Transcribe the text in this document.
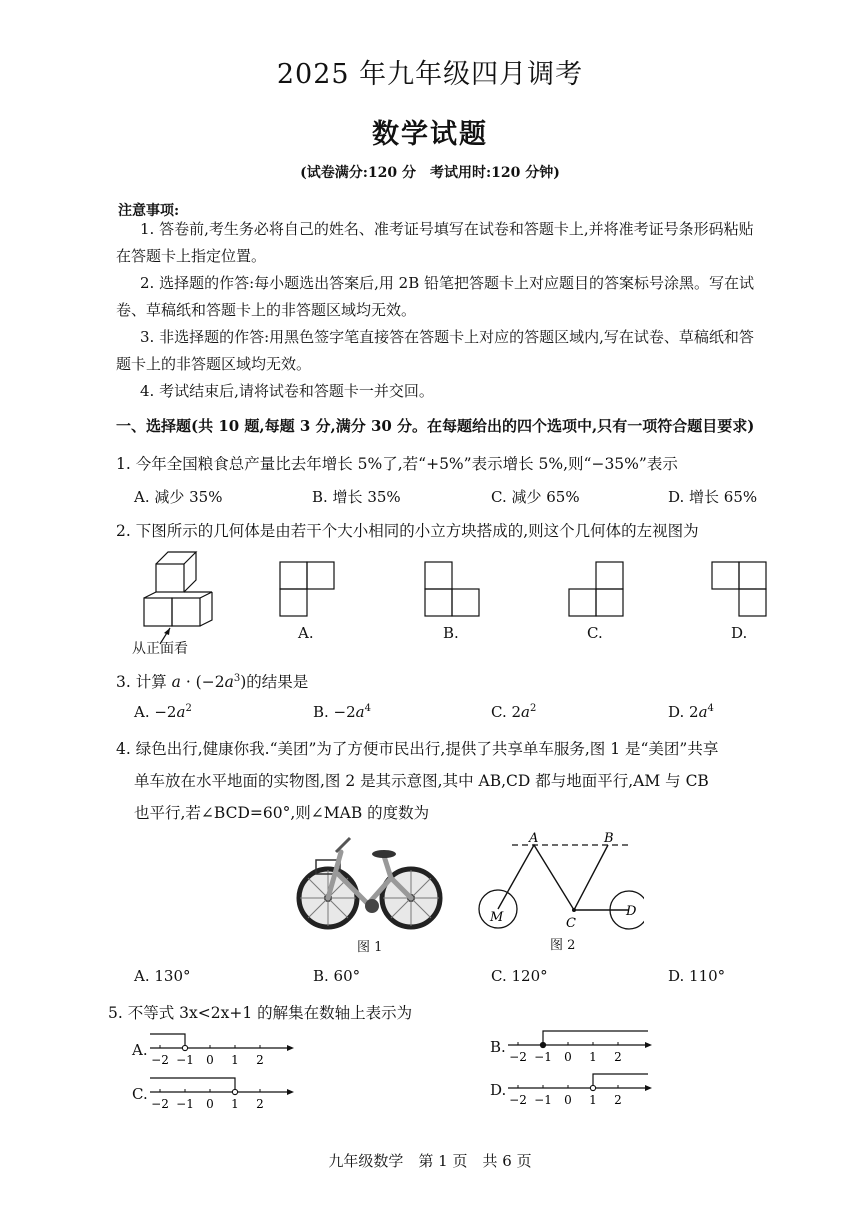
2025 年九年级四月调考
数学试题
(试卷满分:120 分　考试用时:120 分钟)
注意事项:
1. 答卷前,考生务必将自己的姓名、准考证号填写在试卷和答题卡上,并将准考证号条形码粘贴
在答题卡上指定位置。
2. 选择题的作答:每小题选出答案后,用 2B 铅笔把答题卡上对应题目的答案标号涂黑。写在试
卷、草稿纸和答题卡上的非答题区域均无效。
3. 非选择题的作答:用黑色签字笔直接答在答题卡上对应的答题区域内,写在试卷、草稿纸和答
题卡上的非答题区域均无效。
4. 考试结束后,请将试卷和答题卡一并交回。
一、选择题(共 10 题,每题 3 分,满分 30 分。在每题给出的四个选项中,只有一项符合题目要求)
1. 今年全国粮食总产量比去年增长 5%了,若“+5%”表示增长 5%,则“−35%”表示
A. 减少 35%	B. 增长 35%	C. 减少 65%	D. 增长 65%
2. 下图所示的几何体是由若干个大小相同的小立方块搭成的,则这个几何体的左视图为
从正面看
A.	B.	C.	D.
3. 计算 $a \cdot (-2a^3)$的结果是
A. $-2a^2$	B. $-2a^4$	C. $2a^2$	D. $2a^4$
4. 绿色出行,健康你我.“美团”为了方便市民出行,提供了共享单车服务,图 1 是“美团”共享
单车放在水平地面的实物图,图 2 是其示意图,其中 AB,CD 都与地面平行,AM 与 CB
也平行,若∠BCD=60°,则∠MAB 的度数为
图 1
A	B
C
D
M
图 2
A. 130°	B. 60°	C. 120°	D. 110°
5. 不等式 3x<2x+1 的解集在数轴上表示为
A.
−2 −1 0 1 2
B.
−2 −1 0 1 2
C.
−2 −1 0 1 2
D.
−2 −1 0 1 2
九年级数学　第 1 页　共 6 页
